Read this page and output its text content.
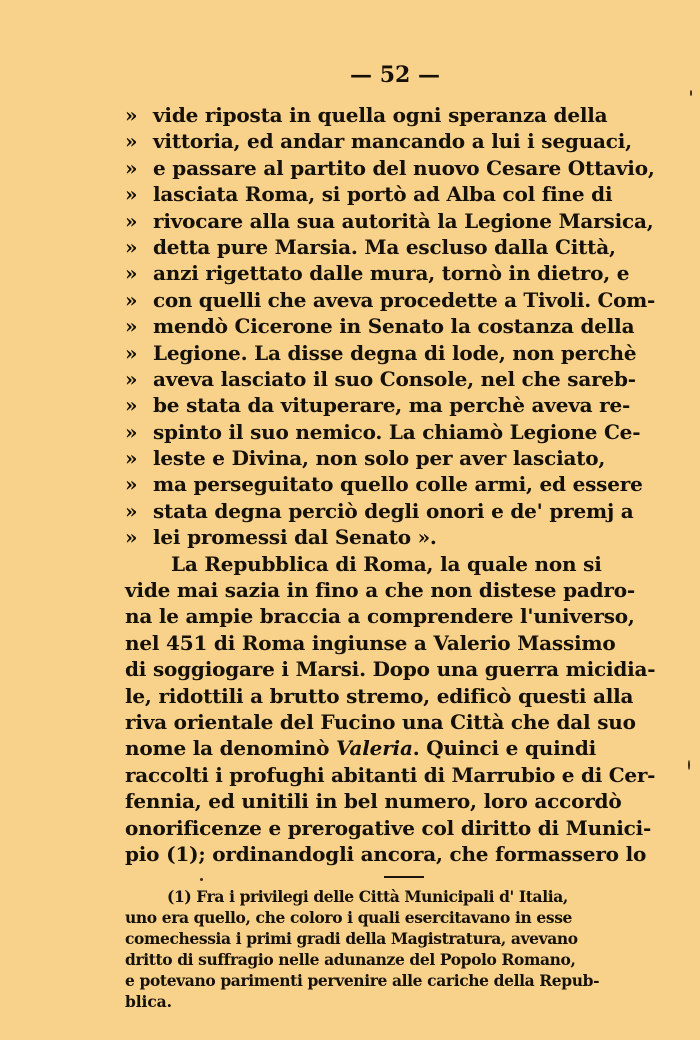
— 52 —
» vide riposta in quella ogni speranza della
» vittoria, ed andar mancando a lui i seguaci,
» e passare al partito del nuovo Cesare Ottavio,
» lasciata Roma, si portò ad Alba col fine di
» rivocare alla sua autorità la Legione Marsica,
» detta pure Marsia. Ma escluso dalla Città,
» anzi rigettato dalle mura, tornò in dietro, e
» con quelli che aveva procedette a Tivoli. Com-
» mendò Cicerone in Senato la costanza della
» Legione. La disse degna di lode, non perchè
» aveva lasciato il suo Console, nel che sareb-
» be stata da vituperare, ma perchè aveva re-
» spinto il suo nemico. La chiamò Legione Ce-
» leste e Divina, non solo per aver lasciato,
» ma perseguitato quello colle armi, ed essere
» stata degna perciò degli onori e de' premj a
» lei promessi dal Senato ».
La Repubblica di Roma, la quale non si
vide mai sazia in fino a che non distese padro-
na le ampie braccia a comprendere l'universo,
nel 451 di Roma ingiunse a Valerio Massimo
di soggiogare i Marsi. Dopo una guerra micidia-
le, ridottili a brutto stremo, edificò questi alla
riva orientale del Fucino una Città che dal suo
nome la denominò Valeria. Quinci e quindi
raccolti i profughi abitanti di Marrubio e di Cer-
fennia, ed unitili in bel numero, loro accordò
onorificenze e prerogative col diritto di Munici-
pio (1); ordinandogli ancora, che formassero lo
(1) Fra i privilegi delle Città Municipali d' Italia,
uno era quello, che coloro i quali esercitavano in esse
comechessia i primi gradi della Magistratura, avevano
dritto di suffragio nelle adunanze del Popolo Romano,
e potevano parimenti pervenire alle cariche della Repub-
blica.
